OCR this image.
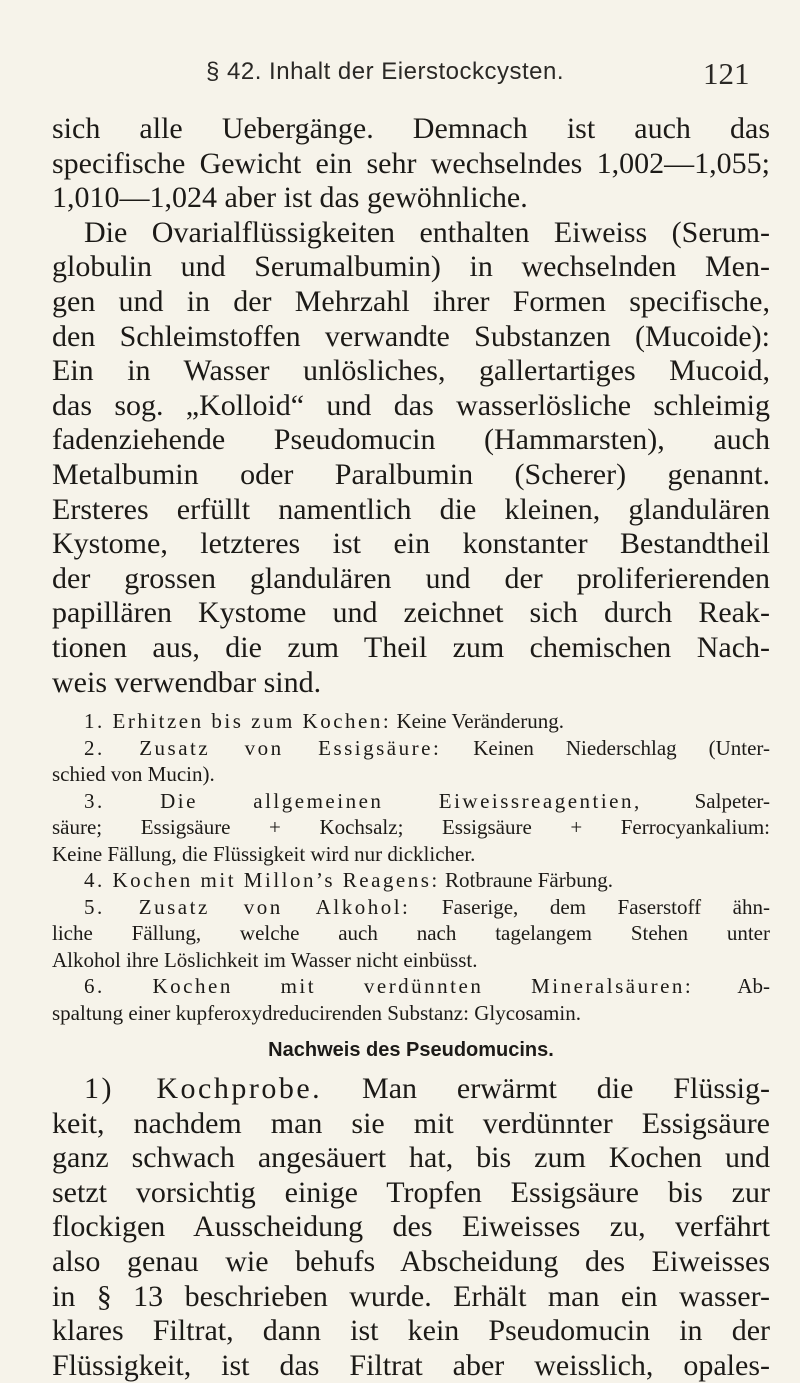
§ 42. Inhalt der Eierstockcysten.	121
sich alle Uebergänge. Demnach ist auch das
specifische Gewicht ein sehr wechselndes 1,002—1,055;
1,010—1,024 aber ist das gewöhnliche.
Die Ovarialflüssigkeiten enthalten Eiweiss (Serum-
globulin und Serumalbumin) in wechselnden Men-
gen und in der Mehrzahl ihrer Formen specifische,
den Schleimstoffen verwandte Substanzen (Mucoide):
Ein in Wasser unlösliches, gallertartiges Mucoid,
das sog. „Kolloid“ und das wasserlösliche schleimig
fadenziehende Pseudomucin (Hammarsten), auch
Metalbumin oder Paralbumin (Scherer) genannt.
Ersteres erfüllt namentlich die kleinen, glandulären
Kystome, letzteres ist ein konstanter Bestandtheil
der grossen glandulären und der proliferierenden
papillären Kystome und zeichnet sich durch Reak-
tionen aus, die zum Theil zum chemischen Nach-
weis verwendbar sind.
1. Erhitzen bis zum Kochen: Keine Veränderung.
2. Zusatz von Essigsäure: Keinen Niederschlag (Unter-
schied von Mucin).
3. Die allgemeinen Eiweissreagentien, Salpeter-
säure; Essigsäure + Kochsalz; Essigsäure + Ferrocyankalium:
Keine Fällung, die Flüssigkeit wird nur dicklicher.
4. Kochen mit Millon’s Reagens: Rotbraune Färbung.
5. Zusatz von Alkohol: Faserige, dem Faserstoff ähn-
liche Fällung, welche auch nach tagelangem Stehen unter
Alkohol ihre Löslichkeit im Wasser nicht einbüsst.
6. Kochen mit verdünnten Mineralsäuren: Ab-
spaltung einer kupferoxydreducirenden Substanz: Glycosamin.
Nachweis des Pseudomucins.
1) Kochprobe. Man erwärmt die Flüssig-
keit, nachdem man sie mit verdünnter Essigsäure
ganz schwach angesäuert hat, bis zum Kochen und
setzt vorsichtig einige Tropfen Essigsäure bis zur
flockigen Ausscheidung des Eiweisses zu, verfährt
also genau wie behufs Abscheidung des Eiweisses
in § 13 beschrieben wurde. Erhält man ein wasser-
klares Filtrat, dann ist kein Pseudomucin in der
Flüssigkeit, ist das Filtrat aber weisslich, opales-
